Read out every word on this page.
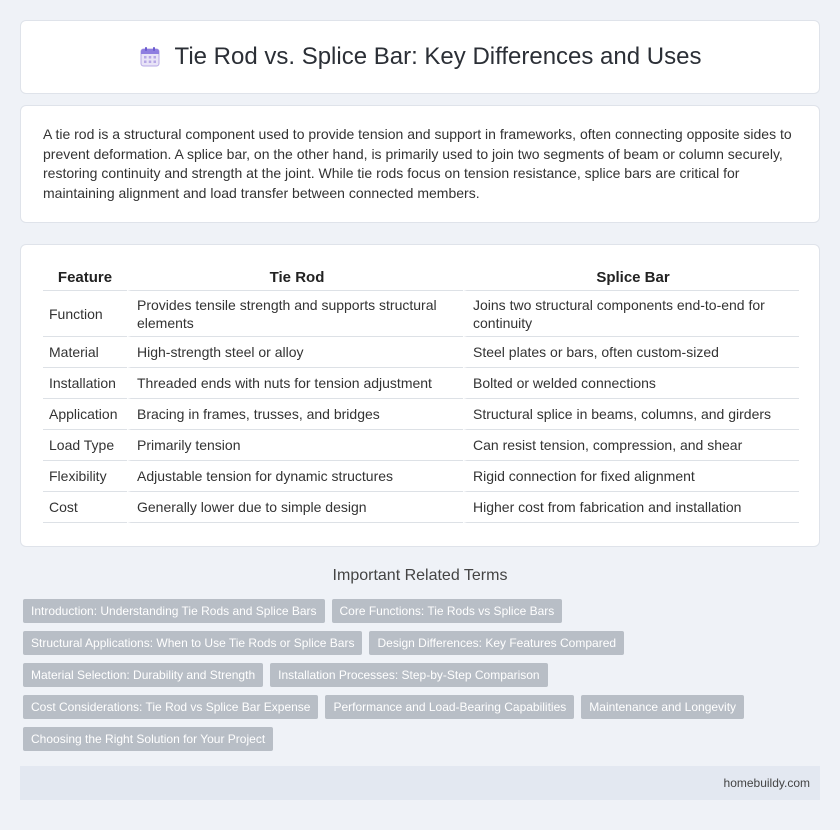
Tie Rod vs. Splice Bar: Key Differences and Uses

A tie rod is a structural component used to provide tension and support in frameworks, often connecting opposite sides to prevent deformation. A splice bar, on the other hand, is primarily used to join two segments of beam or column securely, restoring continuity and strength at the joint. While tie rods focus on tension resistance, splice bars are critical for maintaining alignment and load transfer between connected members.

Feature	Tie Rod	Splice Bar
Function	Provides tensile strength and supports structural elements	Joins two structural components end-to-end for continuity
Material	High-strength steel or alloy	Steel plates or bars, often custom-sized
Installation	Threaded ends with nuts for tension adjustment	Bolted or welded connections
Application	Bracing in frames, trusses, and bridges	Structural splice in beams, columns, and girders
Load Type	Primarily tension	Can resist tension, compression, and shear
Flexibility	Adjustable tension for dynamic structures	Rigid connection for fixed alignment
Cost	Generally lower due to simple design	Higher cost from fabrication and installation
Important Related Terms
Introduction: Understanding Tie Rods and Splice Bars	Core Functions: Tie Rods vs Splice Bars
Structural Applications: When to Use Tie Rods or Splice Bars	Design Differences: Key Features Compared
Material Selection: Durability and Strength	Installation Processes: Step-by-Step Comparison
Cost Considerations: Tie Rod vs Splice Bar Expense	Performance and Load-Bearing Capabilities	Maintenance and Longevity
Choosing the Right Solution for Your Project
homebuildy.com
